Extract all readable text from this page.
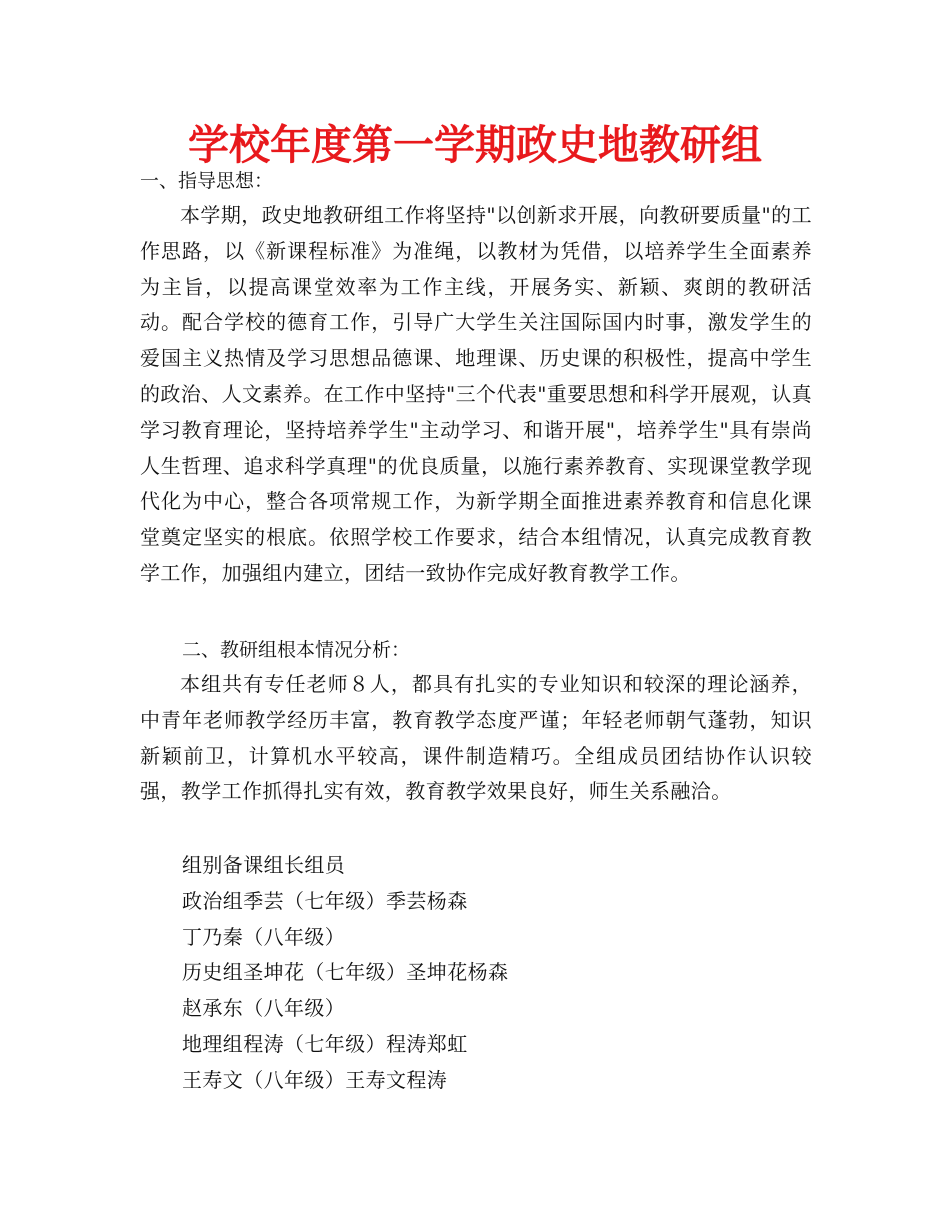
学校年度第一学期政史地教研组

一、指导思想：

本学期，政史地教研组工作将坚持"以创新求开展，向教研要质量"的工作思路，以《新课程标准》为准绳，以教材为凭借，以培养学生全面素养为主旨，以提高课堂效率为工作主线，开展务实、新颖、爽朗的教研活动。配合学校的德育工作，引导广大学生关注国际国内时事，激发学生的爱国主义热情及学习思想品德课、地理课、历史课的积极性，提高中学生的政治、人文素养。在工作中坚持"三个代表"重要思想和科学开展观，认真学习教育理论，坚持培养学生"主动学习、和谐开展"，培养学生"具有崇尚人生哲理、追求科学真理"的优良质量，以施行素养教育、实现课堂教学现代化为中心，整合各项常规工作，为新学期全面推进素养教育和信息化课堂奠定坚实的根底。依照学校工作要求，结合本组情况，认真完成教育教学工作，加强组内建立，团结一致协作完成好教育教学工作。

二、教研组根本情况分析：

本组共有专任老师８人，都具有扎实的专业知识和较深的理论涵养，中青年老师教学经历丰富，教育教学态度严谨；年轻老师朝气蓬勃，知识新颖前卫，计算机水平较高，课件制造精巧。全组成员团结协作认识较强，教学工作抓得扎实有效，教育教学效果良好，师生关系融洽。

组别备课组长组员
政治组季芸（七年级）季芸杨森
丁乃秦（八年级）
历史组圣坤花（七年级）圣坤花杨森
赵承东（八年级）
地理组程涛（七年级）程涛郑虹
王寿文（八年级）王寿文程涛
